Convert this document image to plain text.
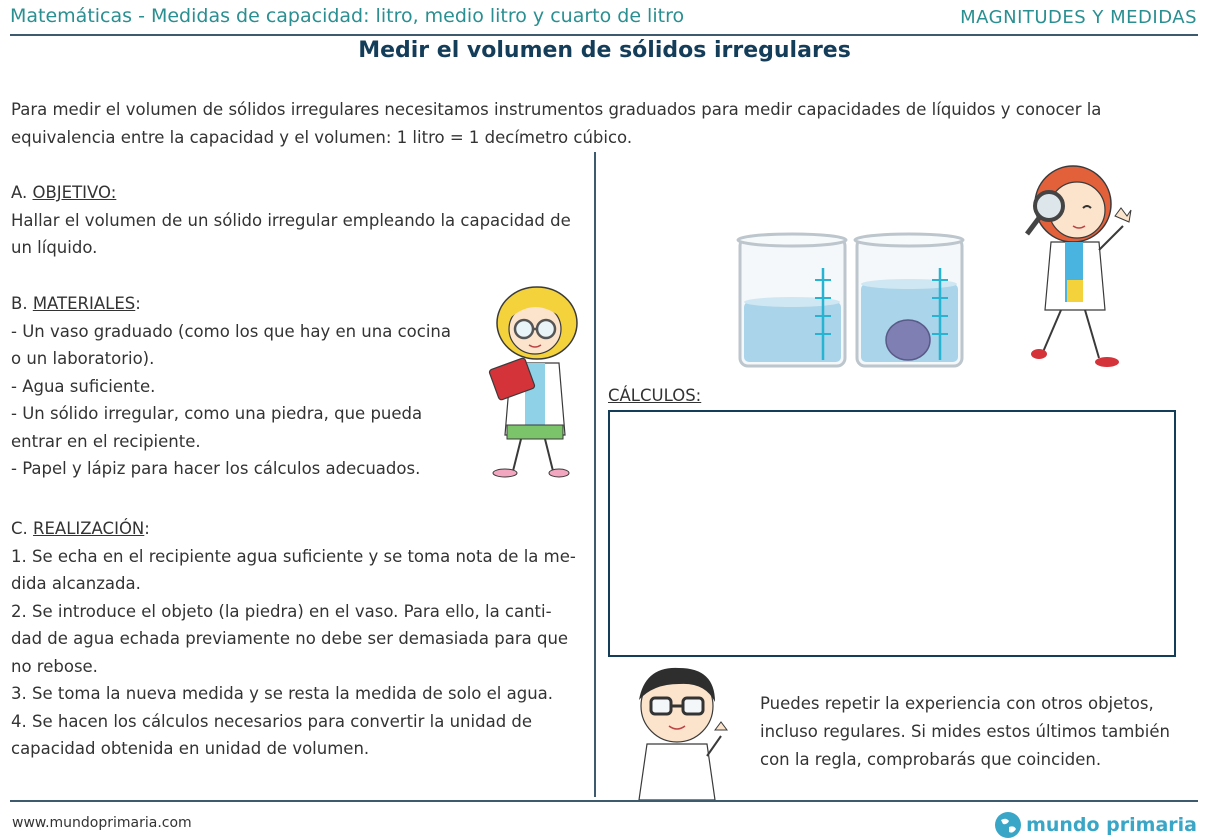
Matemáticas - Medidas de capacidad: litro, medio litro y cuarto de litro	MAGNITUDES Y MEDIDAS
Medir el volumen de sólidos irregulares
Para medir el volumen de sólidos irregulares necesitamos instrumentos graduados para medir capacidades de líquidos y conocer la
equivalencia entre la capacidad y el volumen: 1 litro = 1 decímetro cúbico.
A. OBJETIVO:
Hallar el volumen de un sólido irregular empleando la capacidad de
un líquido.
B. MATERIALES:
- Un vaso graduado (como los que hay en una cocina
o un laboratorio).
- Agua suficiente.
- Un sólido irregular, como una piedra, que pueda
entrar en el recipiente.
- Papel y lápiz para hacer los cálculos adecuados.
C. REALIZACIÓN:
1. Se echa en el recipiente agua suficiente y se toma nota de la me-
dida alcanzada.
2. Se introduce el objeto (la piedra) en el vaso. Para ello, la canti-
dad de agua echada previamente no debe ser demasiada para que
no rebose.
3. Se toma la nueva medida y se resta la medida de solo el agua.
4. Se hacen los cálculos necesarios para convertir la unidad de
capacidad obtenida en unidad de volumen.
CÁLCULOS:
Puedes repetir la experiencia con otros objetos,
incluso regulares. Si mides estos últimos también
con la regla, comprobarás que coinciden.
www.mundoprimaria.com	mundo primaria
